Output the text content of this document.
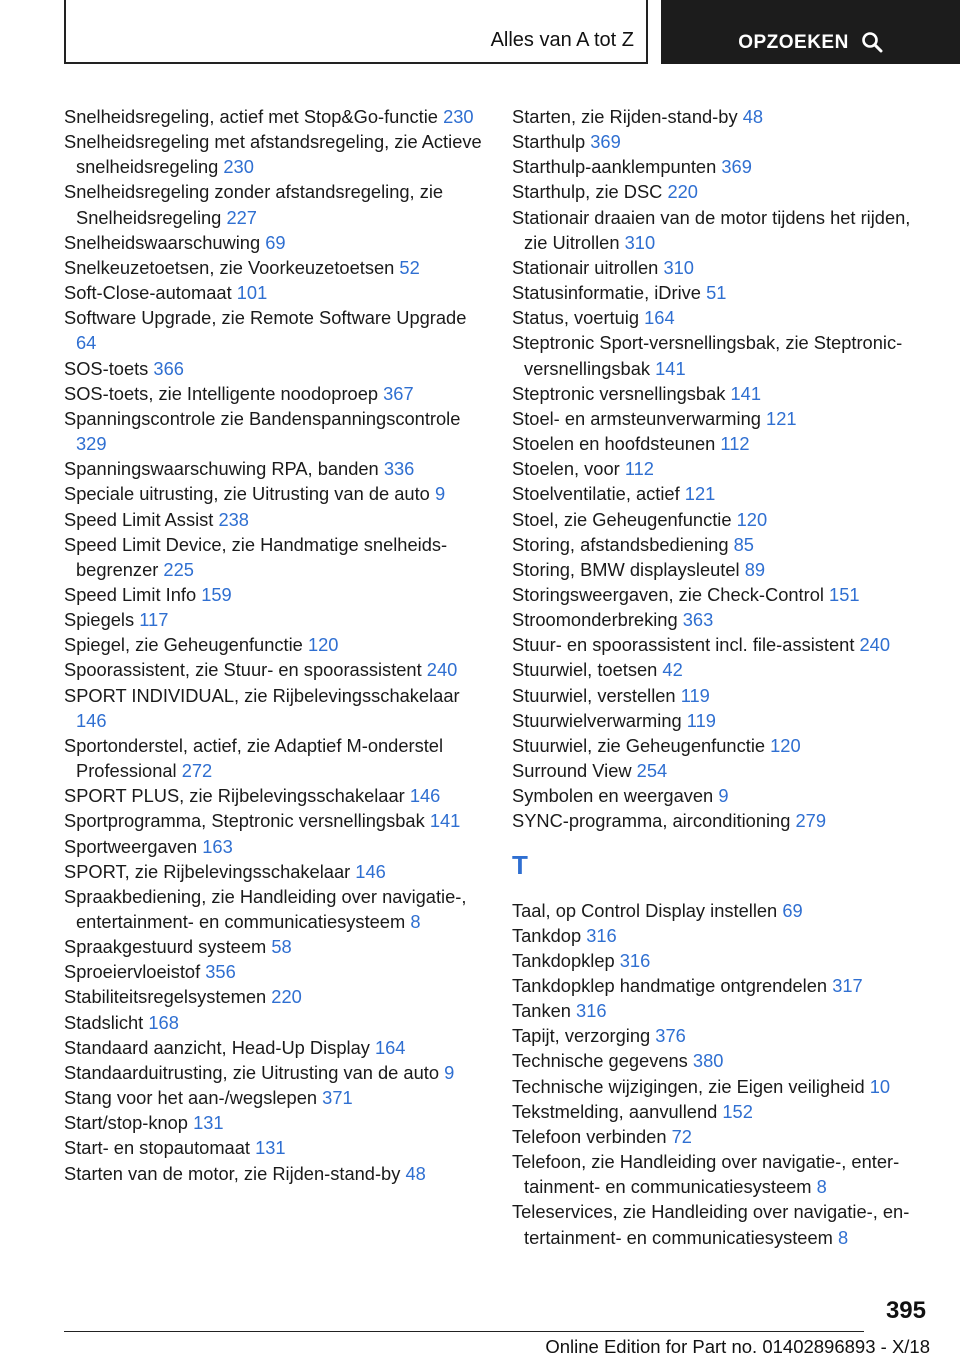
Alles van A tot Z	OPZOEKEN
Snelheidsregeling, actief met Stop&Go-functie 230
Snelheidsregeling met afstandsregeling, zie Actieve snelheidsregeling 230
Snelheidsregeling zonder afstandsregeling, zie Snelheidsregeling 227
Snelheidswaarschuwing 69
Snelkeuzetoetsen, zie Voorkeuzetoetsen 52
Soft-Close-automaat 101
Software Upgrade, zie Remote Software Upgrade 64
SOS-toets 366
SOS-toets, zie Intelligente noodoproep 367
Spanningscontrole zie Bandenspanningscontrole 329
Spanningswaarschuwing RPA, banden 336
Speciale uitrusting, zie Uitrusting van de auto 9
Speed Limit Assist 238
Speed Limit Device, zie Handmatige snelheidsbegrenzer 225
Speed Limit Info 159
Spiegels 117
Spiegel, zie Geheugenfunctie 120
Spoorassistent, zie Stuur- en spoorassistent 240
SPORT INDIVIDUAL, zie Rijbelevingsschakelaar 146
Sportonderstel, actief, zie Adaptief M-onderstel Professional 272
SPORT PLUS, zie Rijbelevingsschakelaar 146
Sportprogramma, Steptronic versnellingsbak 141
Sportweergaven 163
SPORT, zie Rijbelevingsschakelaar 146
Spraakbediening, zie Handleiding over navigatie-, entertainment- en communicatiesysteem 8
Spraakgestuurd systeem 58
Sproeiervloeistof 356
Stabiliteitsregelsystemen 220
Stadslicht 168
Standaard aanzicht, Head-Up Display 164
Standaarduitrusting, zie Uitrusting van de auto 9
Stang voor het aan-/wegslepen 371
Start/stop-knop 131
Start- en stopautomaat 131
Starten van de motor, zie Rijden-stand-by 48
Starten, zie Rijden-stand-by 48
Starthulp 369
Starthulp-aanklempunten 369
Starthulp, zie DSC 220
Stationair draaien van de motor tijdens het rijden, zie Uitrollen 310
Stationair uitrollen 310
Statusinformatie, iDrive 51
Status, voertuig 164
Steptronic Sport-versnellingsbak, zie Steptronic-versnellingsbak 141
Steptronic versnellingsbak 141
Stoel- en armsteunverwarming 121
Stoelen en hoofdsteunen 112
Stoelen, voor 112
Stoelventilatie, actief 121
Stoel, zie Geheugenfunctie 120
Storing, afstandsbediening 85
Storing, BMW displaysleutel 89
Storingsweergaven, zie Check-Control 151
Stroomonderbreking 363
Stuur- en spoorassistent incl. file-assistent 240
Stuurwiel, toetsen 42
Stuurwiel, verstellen 119
Stuurwielverwarming 119
Stuurwiel, zie Geheugenfunctie 120
Surround View 254
Symbolen en weergaven 9
SYNC-programma, airconditioning 279
T
Taal, op Control Display instellen 69
Tankdop 316
Tankdopklep 316
Tankdopklep handmatige ontgrendelen 317
Tanken 316
Tapijt, verzorging 376
Technische gegevens 380
Technische wijzigingen, zie Eigen veiligheid 10
Tekstmelding, aanvullend 152
Telefoon verbinden 72
Telefoon, zie Handleiding over navigatie-, entertainment- en communicatiesysteem 8
Teleservices, zie Handleiding over navigatie-, entertainment- en communicatiesysteem 8
395
Online Edition for Part no. 01402896893 - X/18
